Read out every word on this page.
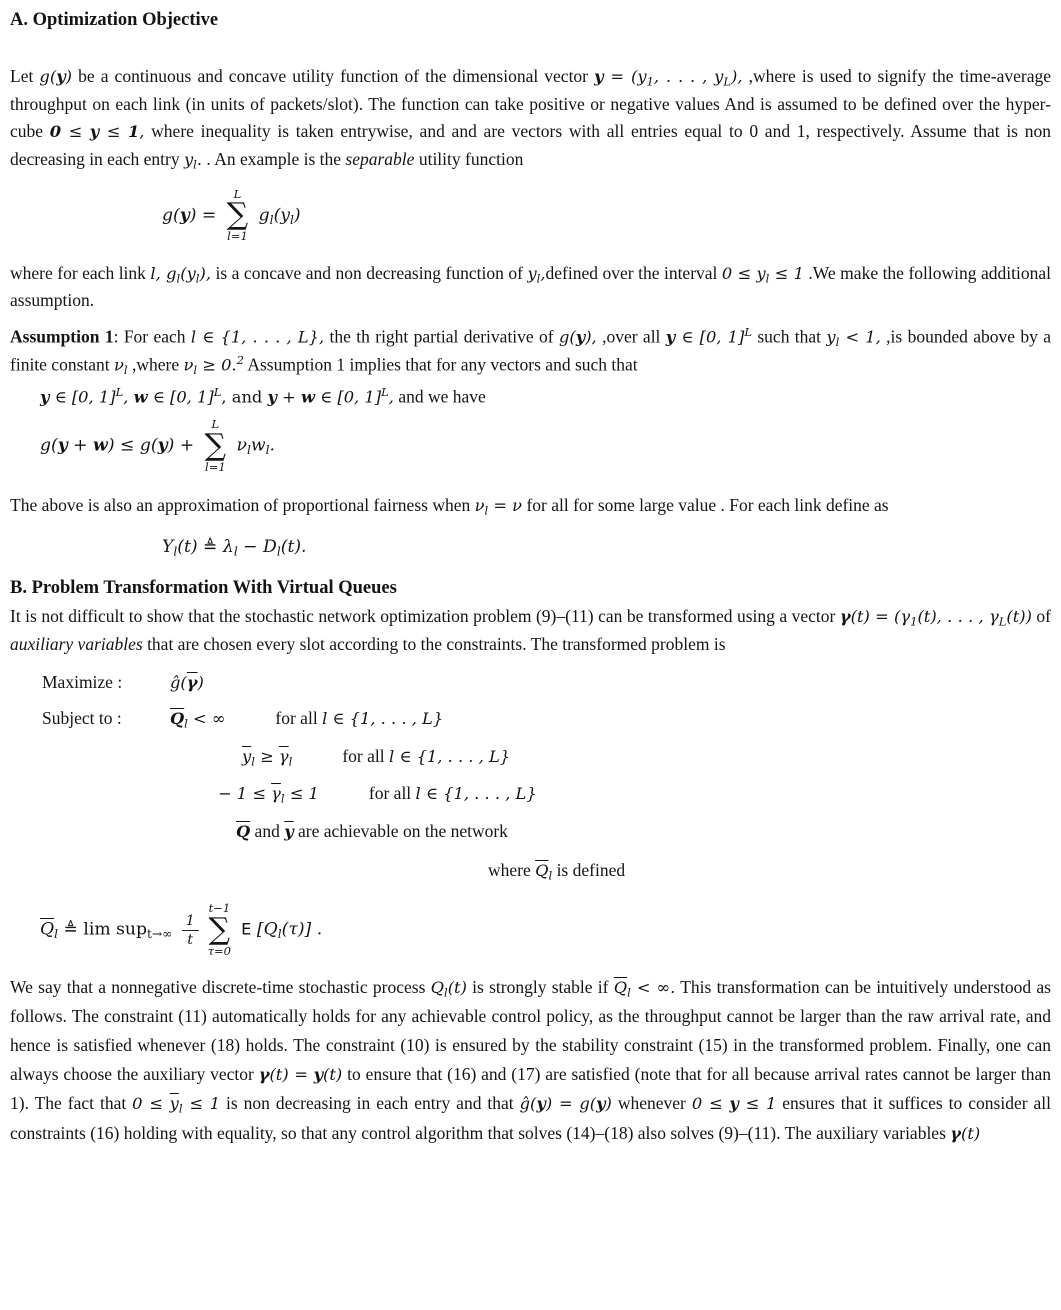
A. Optimization Objective
Let g(y) be a continuous and concave utility function of the dimensional vector $y = (y_1$, . . . , $y_L$), ,where is used to signify the time-average throughput on each link (in units of packets/slot). The function can take positive or negative values And is assumed to be defined over the hyper-cube 0 ≤ y ≤ 1, where inequality is taken entrywise, and and are vectors with all entries equal to 0 and 1, respectively. Assume that is non decreasing in each entry $y_l$. . An example is the separable utility function
g(y) =
L
∑
l=1
$g_l(y_l)$
where for each link l, $g_l(y_l)$, is a concave and non decreasing function of $y_l,defined$ over the interval $0 \le y_l \le 1$ .We make the following additional assumption.
Assumption 1: For each l ∈ {1, . . . , L}, the th right partial derivative of g(y), ,over all y ∈ [0, 1]$^L$ such that $y_l < 1$, ,is bounded above by a finite constant $\nu_l$ ,where $\nu_l \ge 0.^2$ Assumption 1 implies that for any vectors and such that
y ∈ [0, 1]$^L$, w ∈ [0, 1]$^L$, and y + w ∈ [0, 1]$^L$, and we have
g(y + w) ≤ g(y) +
L
∑
l=1
$\nu_lw_l$.
The above is also an approximation of proportional fairness when $\nu_l = \nu$ for all for some large value . For each link define as
$Y_l(t)$ ≜ $\lambda_l - D_l(t)$.
B. Problem Transformation With Virtual Queues
It is not difficult to show that the stochastic network optimization problem (9)–(11) can be transformed using a vector $\gamma(t) = (\gamma_1(t)$, . . . , $\gamma_L(t)$) of auxiliary variables that are chosen every slot according to the constraints. The transformed problem is
Maximize :	$ĝ(\overline{\gamma})$
Subject to :	$\overline{Q}_l$ < ∞	for all l ∈ {1, . . . , L}
$\overline{y}_l \ge \overline{\gamma}_l$	for all l ∈ {1, . . . , L}
− $1 \le \overline{\gamma}_l \le 1$	for all l ∈ {1, . . . , L}
$\overline{Q}$ and $\overline{y}$ are achievable on the network
where $\overline{Q}_l$ is defined
$\overline{Q}_l$ ≜ $\lim sup_{t\to\infty} \frac{1}{t}$
t−1
∑
τ=0
E $[Q_l(\tau)]$ .
We say that a nonnegative discrete-time stochastic process $Q_l(t)$ is strongly stable if $\overline{Q}_l$ < ∞. This transformation can be intuitively understood as follows. The constraint (11) automatically holds for any achievable control policy, as the throughput cannot be larger than the raw arrival rate, and hence is satisfied whenever (18) holds. The constraint (10) is ensured by the stability constraint (15) in the transformed problem. Finally, one can always choose the auxiliary vector γ(t) = y(t) to ensure that (16) and (17) are satisfied (note that for all because arrival rates cannot be larger than 1). The fact that $0 \le \overline{y}_l \le 1$ is non decreasing in each entry and that ĝ(y) = g(y) whenever 0 ≤ y ≤ 1 ensures that it suffices to consider all constraints (16) holding with equality, so that any control algorithm that solves (14)–(18) also solves (9)–(11). The auxiliary variables γ(t)
